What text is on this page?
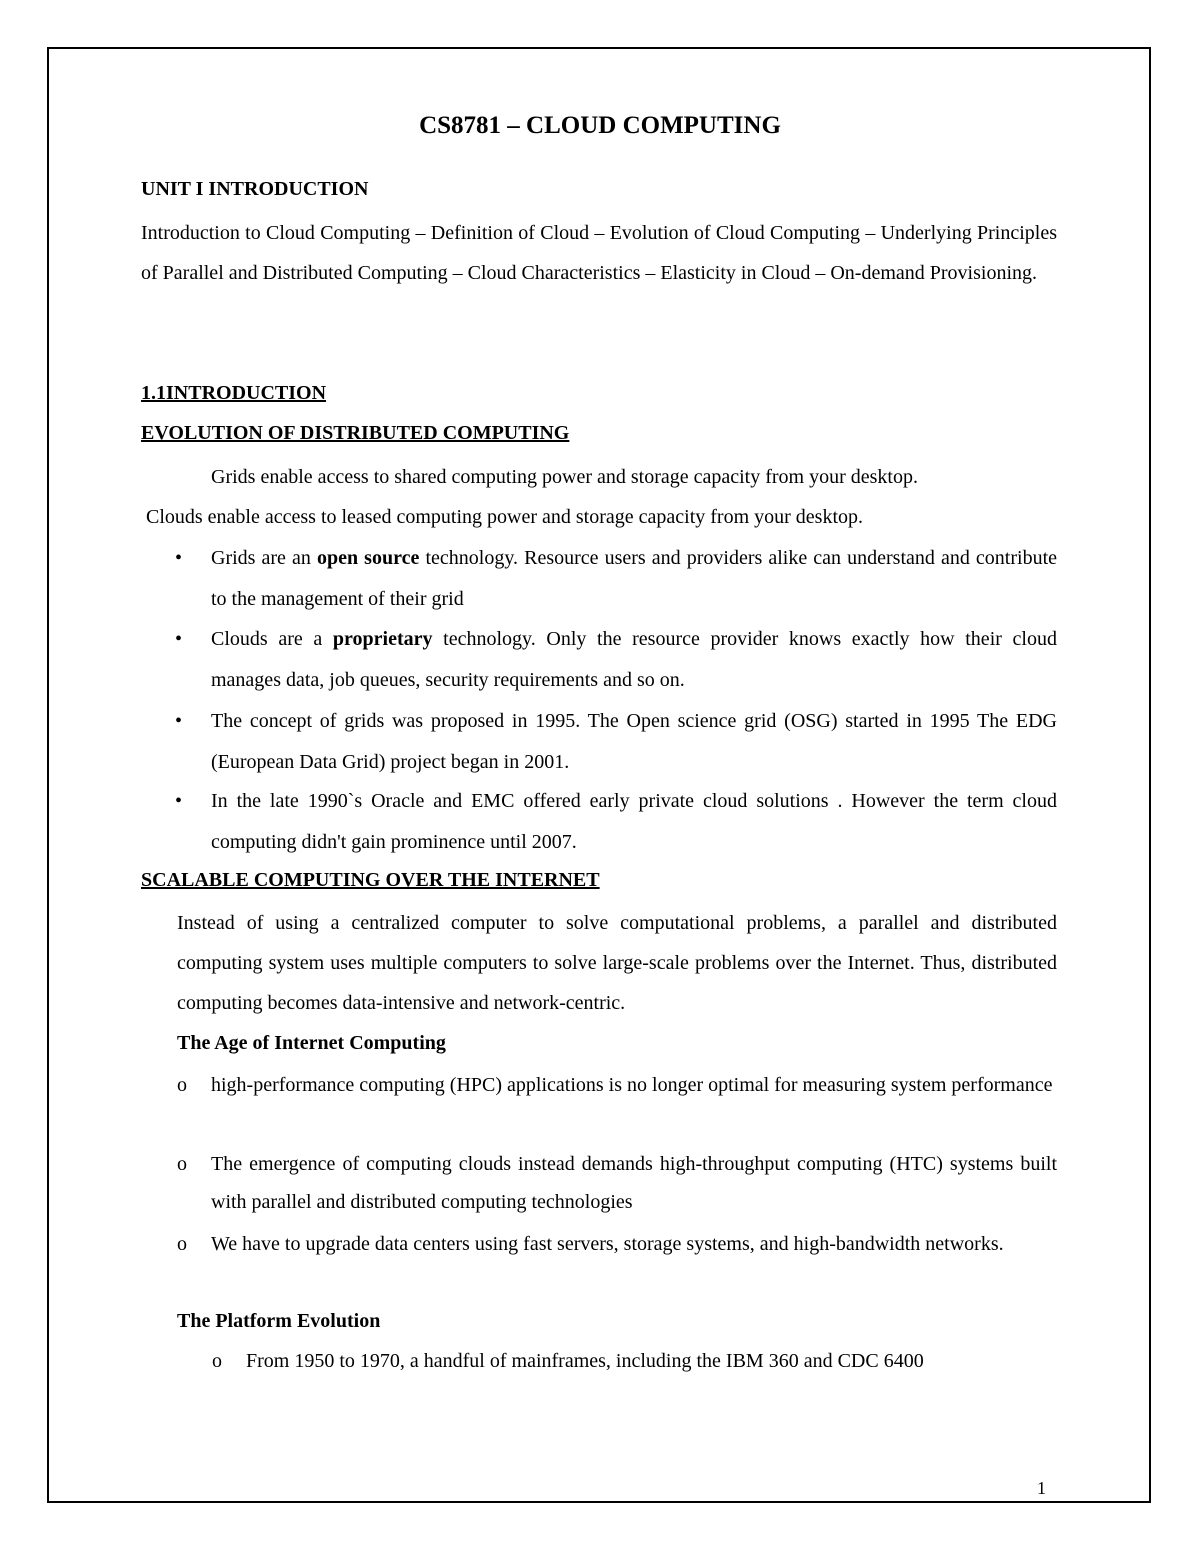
CS8781 – CLOUD COMPUTING
UNIT I INTRODUCTION
Introduction to Cloud Computing – Definition of Cloud – Evolution of Cloud Computing – Underlying Principles of Parallel and Distributed Computing – Cloud Characteristics – Elasticity in Cloud – On-demand Provisioning.
1.1INTRODUCTION
EVOLUTION OF DISTRIBUTED COMPUTING
Grids enable access to shared computing power and storage capacity from your desktop.
Clouds enable access to leased computing power and storage capacity from your desktop.
• Grids are an open source technology. Resource users and providers alike can understand and contribute to the management of their grid
• Clouds are a proprietary technology. Only the resource provider knows exactly how their cloud manages data, job queues, security requirements and so on.
• The concept of grids was proposed in 1995. The Open science grid (OSG) started in 1995 The EDG (European Data Grid) project began in 2001.
• In the late 1990`s Oracle and EMC offered early private cloud solutions . However the term cloud computing didn't gain prominence until 2007.
SCALABLE COMPUTING OVER THE INTERNET
Instead of using a centralized computer to solve computational problems, a parallel and distributed computing system uses multiple computers to solve large-scale problems over the Internet. Thus, distributed computing becomes data-intensive and network-centric.
The Age of Internet Computing
o high-performance computing (HPC) applications is no longer optimal for measuring system performance
o The emergence of computing clouds instead demands high-throughput computing (HTC) systems built with parallel and distributed computing technologies
o We have to upgrade data centers using fast servers, storage systems, and high-bandwidth networks.
The Platform Evolution
o From 1950 to 1970, a handful of mainframes, including the IBM 360 and CDC 6400
1
